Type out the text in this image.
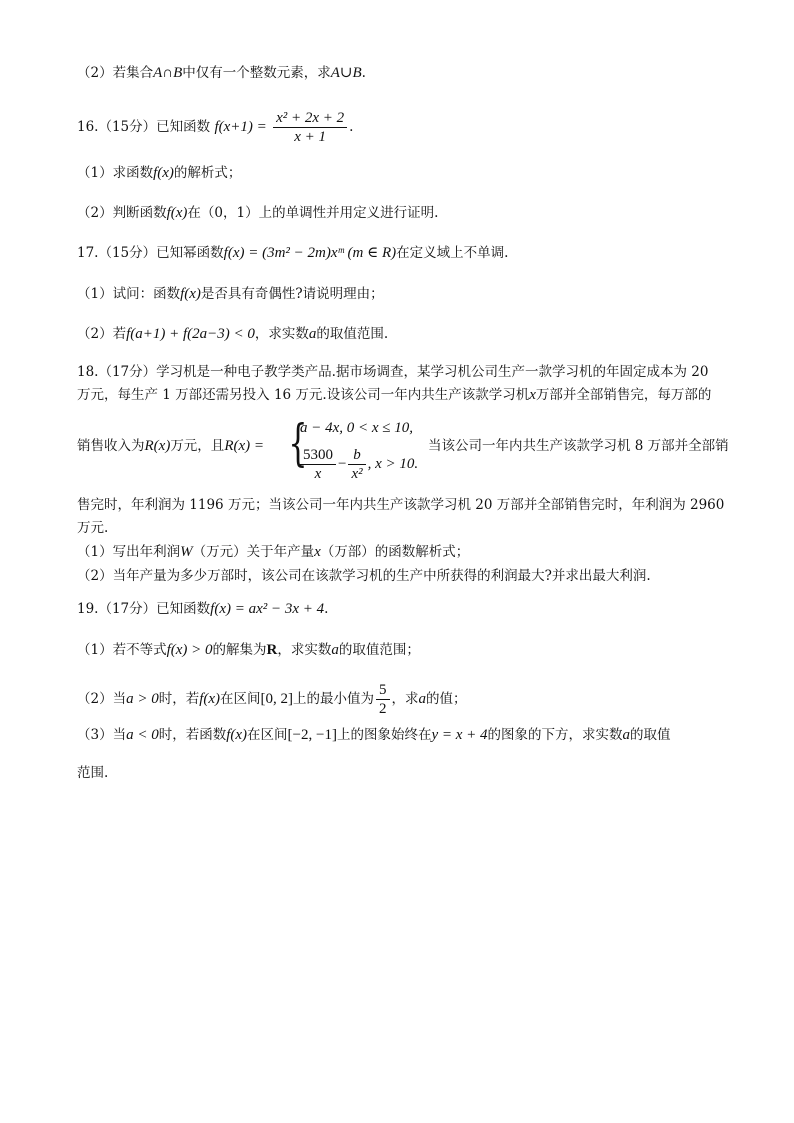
（2）若集合A∩B中仅有一个整数元素，求A∪B.
16.（15分）已知函数 $f(x+1) = \frac{\text{x² + 2x + 2}}{x + 1}$ .
（1）求函数f(x)的解析式；
（2）判断函数f(x)在（0，1）上的单调性并用定义进行证明.
17.（15分）已知幂函数f(x) = (3m² − 2m)xᵐ (m ∈ R)在定义域上不单调.
（1）试问：函数f(x)是否具有奇偶性?请说明理由；
（2）若f(a+1) + f(2a−3) < 0，求实数a的取值范围.
18.（17分）学习机是一种电子教学类产品.据市场调查，某学习机公司生产一款学习机的年固定成本为 20
万元，每生产 1 万部还需另投入 16 万元.设该公司一年内共生产该款学习机x万部并全部销售完，每万部的
销售收入为R(x)万元，且R(x) = {
a − 4x, 0 < x ≤ 10,
$\frac{5300}{x} - \frac{b}{\text{x²}}$ , x > 10.
当该公司一年内共生产该款学习机 8 万部并全部销
售完时，年利润为 1196 万元；当该公司一年内共生产该款学习机 20 万部并全部销售完时，年利润为 2960
万元.
（1）写出年利润W（万元）关于年产量x（万部）的函数解析式；
（2）当年产量为多少万部时，该公司在该款学习机的生产中所获得的利润最大?并求出最大利润.
19.（17分）已知函数f(x) = ax² − 3x + 4.
（1）若不等式f(x) > 0的解集为R，求实数a的取值范围；
（2）当a > 0时，若f(x)在区间[0, 2]上的最小值为 $\frac{5}{2}$ ，求a的值；
（3）当a < 0时，若函数f(x)在区间[−2, −1]上的图象始终在y = x + 4的图象的下方，求实数a的取值
范围.
